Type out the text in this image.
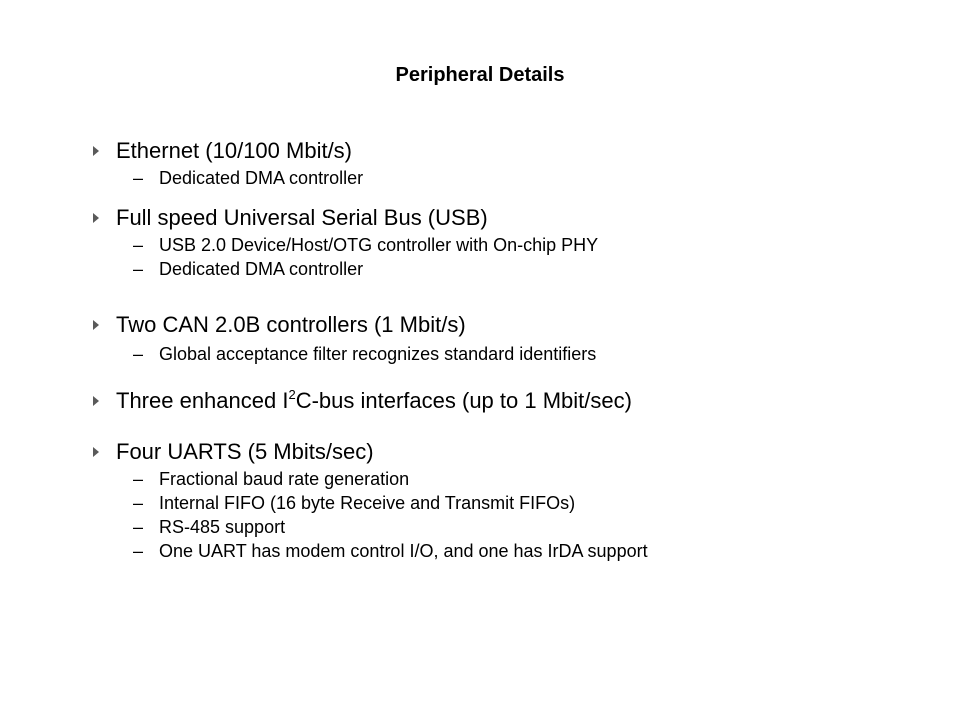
Peripheral Details
Ethernet (10/100 Mbit/s)
– Dedicated DMA controller
Full speed Universal Serial Bus (USB)
– USB 2.0 Device/Host/OTG controller with On-chip PHY
– Dedicated DMA controller
Two CAN 2.0B controllers (1 Mbit/s)
– Global acceptance filter recognizes standard identifiers
Three enhanced $I^2C$-bus interfaces (up to 1 Mbit/sec)
Four UARTS (5 Mbits/sec)
– Fractional baud rate generation
– Internal FIFO (16 byte Receive and Transmit FIFOs)
– RS-485 support
– One UART has modem control I/O, and one has IrDA support
